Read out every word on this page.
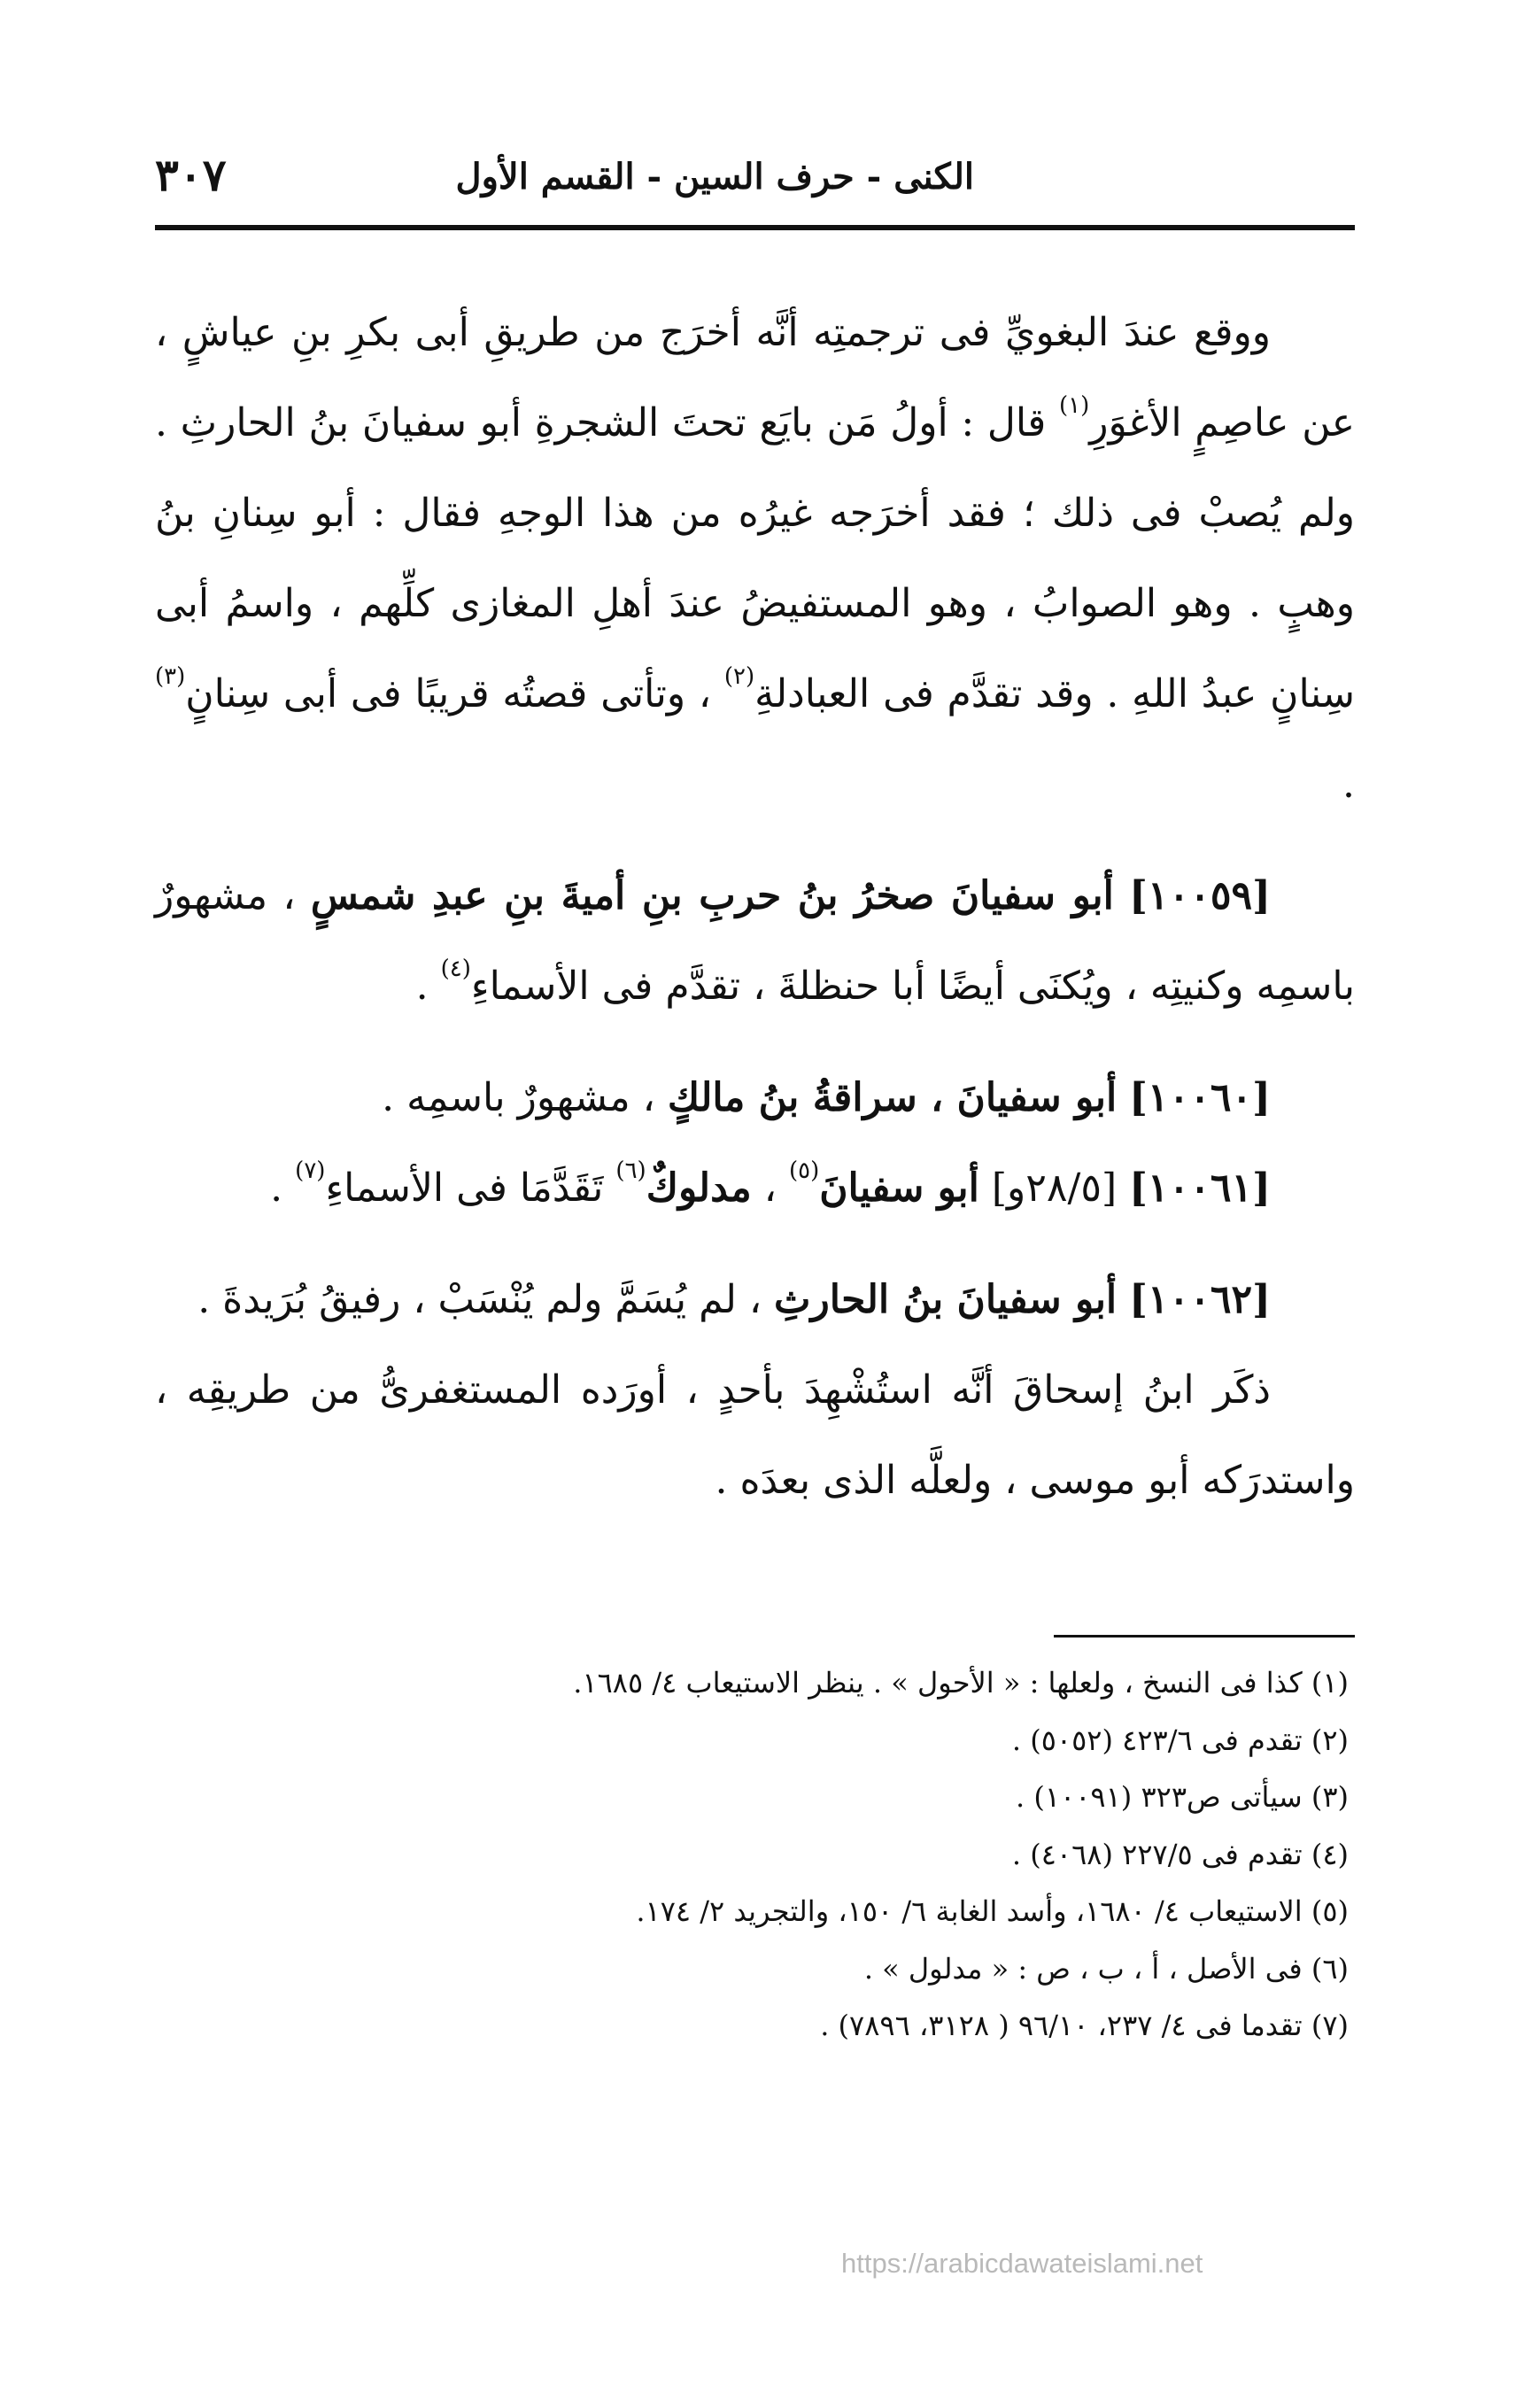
الكنى - حرف السين - القسم الأول
٣٠٧

ووقع عندَ البغويِّ فى ترجمتِه أنَّه أخرَج من طريقِ أبى بكرِ بنِ عياشٍ ، عن عاصِمٍ الأغوَرِ$^{(١)}$ قال : أولُ مَن بايَع تحتَ الشجرةِ أبو سفيانَ بنُ الحارثِ . ولم يُصبْ فى ذلك ؛ فقد أخرَجه غيرُه من هذا الوجهِ فقال : أبو سِنانِ بنُ وهبٍ . وهو الصوابُ ، وهو المستفيضُ عندَ أهلِ المغازى كلِّهم ، واسمُ أبى سِنانٍ عبدُ اللهِ . وقد تقدَّم فى العبادلةِ$^{(٢)}$ ، وتأتى قصتُه قريبًا فى أبى سِنانٍ$^{(٣)}$ .

[١٠٠٥٩] أبو سفيانَ صخرُ بنُ حربِ بنِ أميةَ بنِ عبدِ شمسٍ ، مشهورٌ باسمِه وكنيتِه ، ويُكنَى أيضًا أبا حنظلةَ ، تقدَّم فى الأسماءِ$^{(٤)}$ .

[١٠٠٦٠] أبو سفيانَ ، سراقةُ بنُ مالكٍ ، مشهورٌ باسمِه .

[١٠٠٦١] [٢٨/٥و] أبو سفيانَ$^{(٥)}$ ، مدلوكٌ$^{(٦)}$ تَقَدَّمَا فى الأسماءِ$^{(٧)}$ .

[١٠٠٦٢] أبو سفيانَ بنُ الحارثِ ، لم يُسَمَّ ولم يُنْسَبْ ، رفيقُ بُرَيدةَ .

ذكَر ابنُ إسحاقَ أنَّه استُشْهِدَ بأحدٍ ، أورَده المستغفرىُّ من طريقِه ، واستدرَكه أبو موسى ، ولعلَّه الذى بعدَه .

(١) كذا فى النسخ ، ولعلها : « الأحول » . ينظر الاستيعاب ٤/ ١٦٨٥.
(٢) تقدم فى ٤٢٣/٦ (٥٠٥٢) .
(٣) سيأتى ص٣٢٣ (١٠٠٩١) .
(٤) تقدم فى ٢٢٧/٥ (٤٠٦٨) .
(٥) الاستيعاب ٤/ ١٦٨٠، وأسد الغابة ٦/ ١٥٠، والتجريد ٢/ ١٧٤.
(٦) فى الأصل ، أ ، ب ، ص : « مدلول » .
(٧) تقدما فى ٤/ ٢٣٧، ٩٦/١٠ ( ٣١٢٨، ٧٨٩٦) .
https://arabicdawateislami.net
